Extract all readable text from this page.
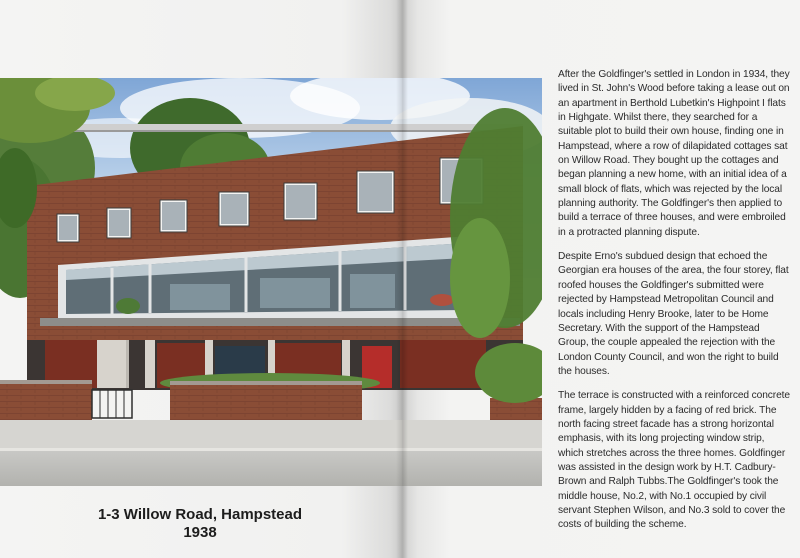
1-3 Willow Road, Hampstead
1938

After the Goldfinger's settled in London in 1934, they lived in St. John's Wood before taking a lease out on an apartment in Berthold Lubetkin's Highpoint I flats in Highgate. Whilst there, they searched for a suitable plot to build their own house, finding one in Hampstead, where a row of dilapidated cottages sat on Willow Road. They bought up the cottages and began planning a new home, with an initial idea of a small block of flats, which was rejected by the local planning authority. The Goldfinger's then applied to build a terrace of three houses, and were embroiled in a protracted planning dispute.

Despite Erno's subdued design that echoed the Georgian era houses of the area, the four storey, flat roofed houses the Goldfinger's submitted were rejected by Hampstead Metropolitan Council and locals including Henry Brooke, later to be Home Secretary. With the support of the Hampstead Group, the couple appealed the rejection with the London County Council, and won the right to build the houses.

The terrace is constructed with a reinforced concrete frame, largely hidden by a facing of red brick. The north facing street facade has a strong horizontal emphasis, with its long projecting window strip, which stretches across the three homes. Goldfinger was assisted in the design work by H.T. Cadbury-Brown and Ralph Tubbs.The Goldfinger's took the middle house, No.2, with No.1 occupied by civil servant Stephen Wilson, and No.3 sold to cover the costs of building the scheme.
